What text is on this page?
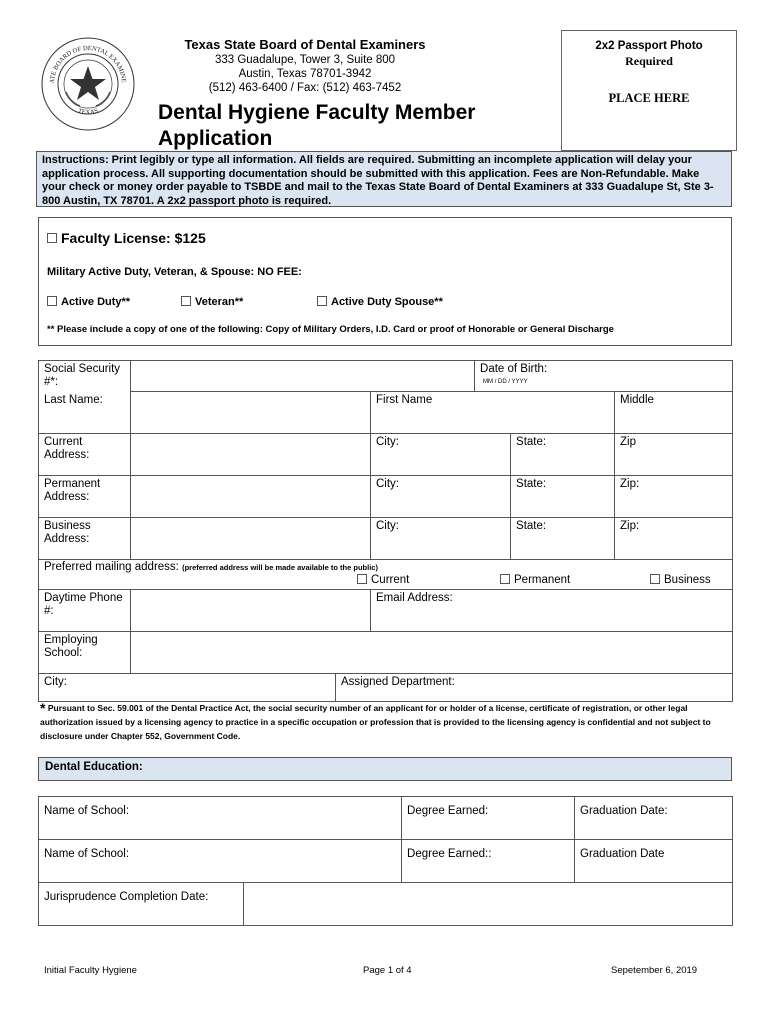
ATE BOARD OF DENTAL EXAMINE
TEXAS
Texas State Board of Dental Examiners
333 Guadalupe, Tower 3, Suite 800
Austin, Texas 78701-3942
(512) 463-6400 / Fax: (512) 463-7452
Dental Hygiene Faculty Member
Application
2x2 Passport Photo
Required
PLACE HERE
Instructions: Print legibly or type all information. All fields are required. Submitting an incomplete application will delay your application process. All supporting documentation should be submitted with this application. Fees are Non-Refundable. Make your check or money order payable to TSBDE and mail to the Texas State Board of Dental Examiners at 333 Guadalupe St, Ste 3-800 Austin, TX 78701. A 2x2 passport photo is required.
Faculty License: $125
Military Active Duty, Veteran, & Spouse: NO FEE:
Active Duty**	Veteran**	Active Duty Spouse**
** Please include a copy of one of the following: Copy of Military Orders, I.D. Card or proof of Honorable or General Discharge
Social Security #*:				Date of Birth:
MM / DD / YYYY		

Last Name:			First Name			Middle
Current Address:			City:		State:	Zip
Permanent Address:			City:		State:	Zip:
Business Address:			City:		State:	Zip:

Preferred mailing address: (preferred address will be made available to the public)
Current Permanent Business						

Daytime Phone #:			Email Address:			
Employing School:						
City:		Assigned Department:				
* Pursuant to Sec. 59.001 of the Dental Practice Act, the social security number of an applicant for or holder of a license, certificate of registration, or other legal authorization issued by a licensing agency to practice in a specific occupation or profession that is provided to the licensing agency is confidential and not subject to disclosure under Chapter 552, Government Code.
Dental Education:
Name of School:		Degree Earned:	Graduation Date:
Name of School:		Degree Earned::	Graduation Date
Jurisprudence Completion Date:			
Initial Faculty Hygiene	Page 1 of 4	Sepetember 6, 2019
